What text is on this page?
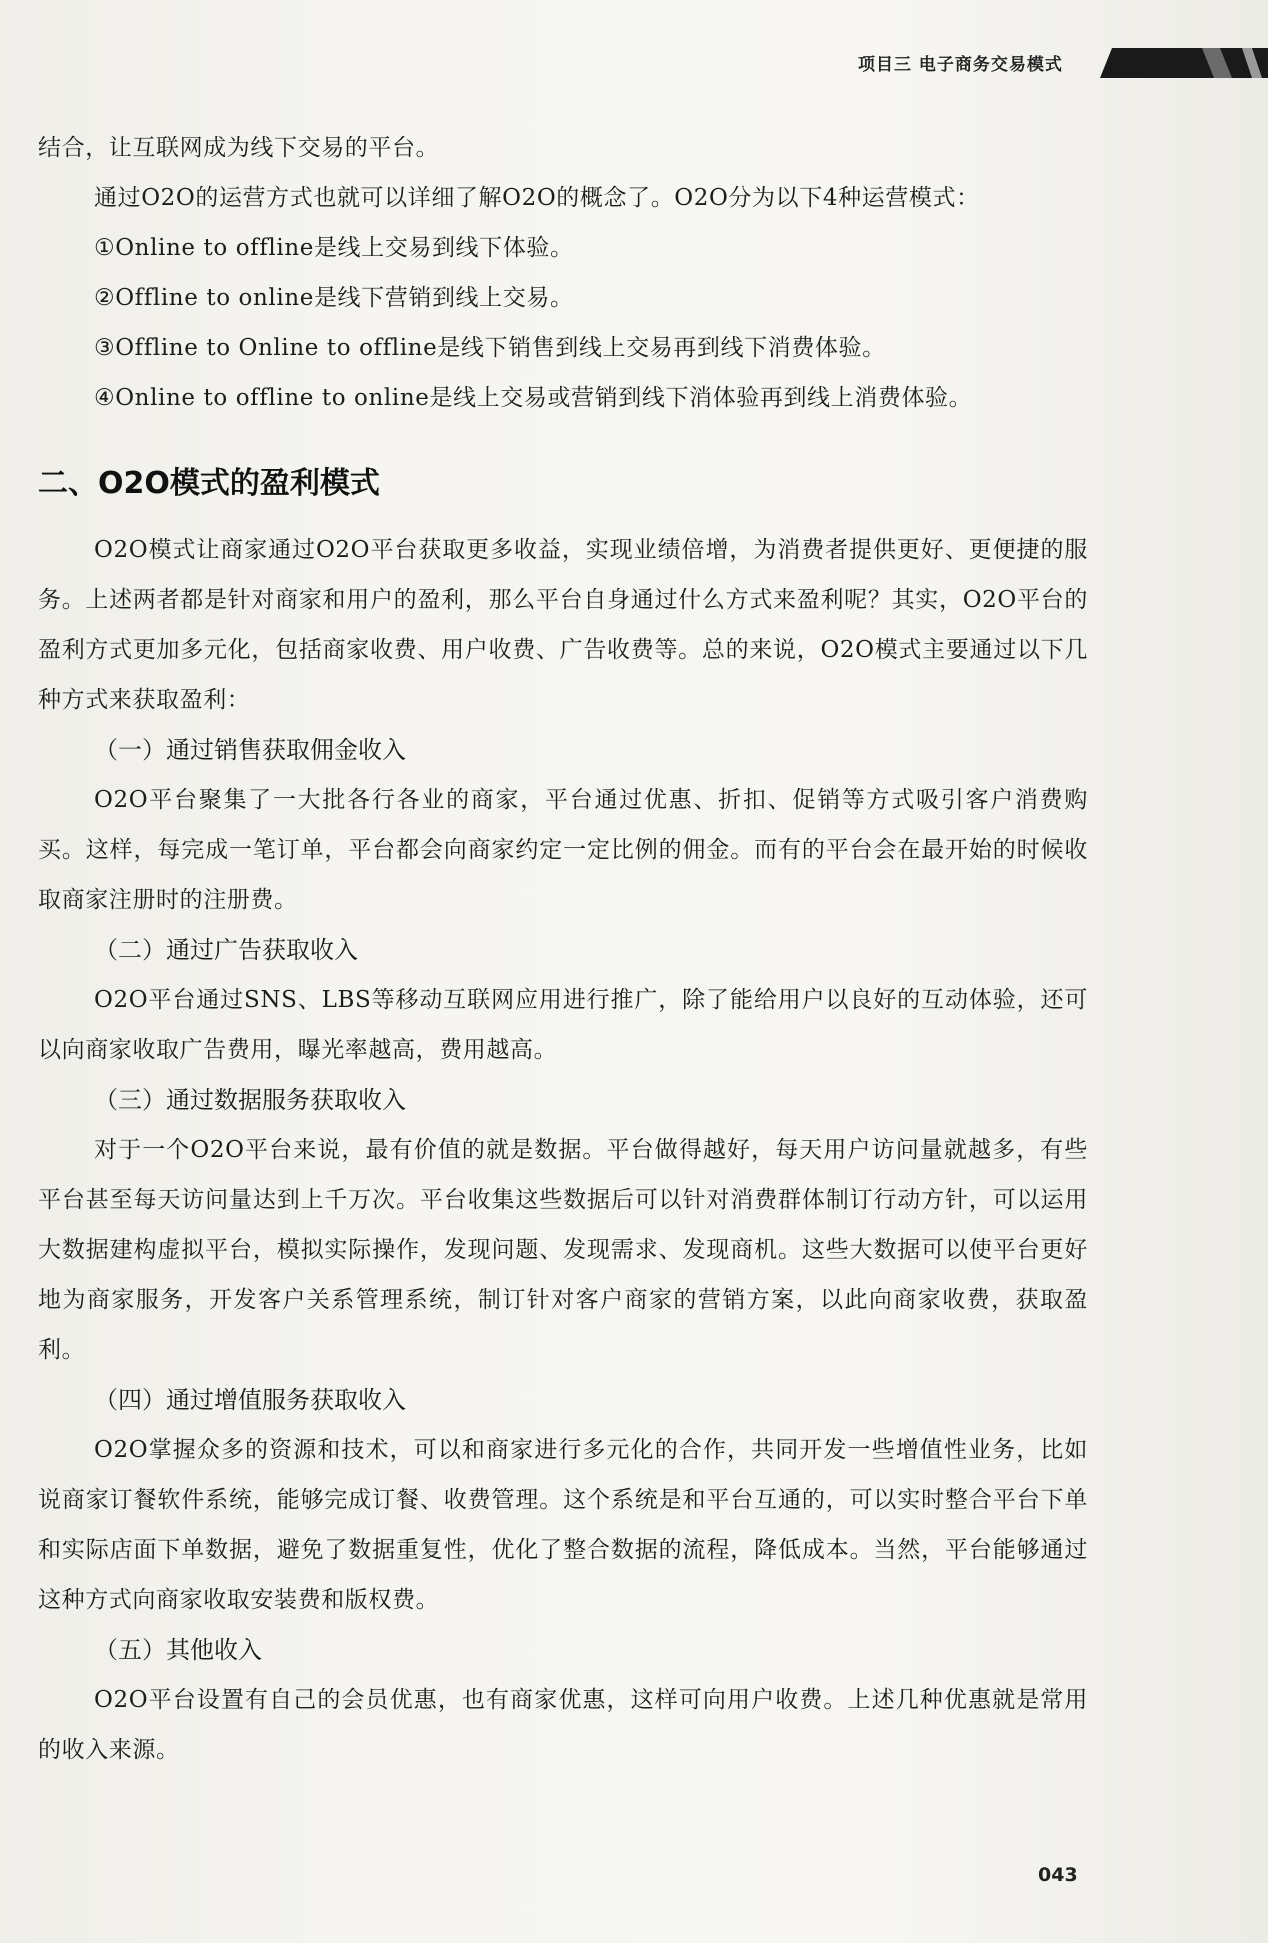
项目三 电子商务交易模式

结合，让互联网成为线下交易的平台。

通过O2O的运营方式也就可以详细了解O2O的概念了。O2O分为以下4种运营模式：

①Online to offline是线上交易到线下体验。

②Offline to online是线下营销到线上交易。

③Offline to Online to offline是线下销售到线上交易再到线下消费体验。

④Online to offline to online是线上交易或营销到线下消体验再到线上消费体验。

二、O2O模式的盈利模式

O2O模式让商家通过O2O平台获取更多收益，实现业绩倍增，为消费者提供更好、更便捷的服务。上述两者都是针对商家和用户的盈利，那么平台自身通过什么方式来盈利呢？其实，O2O平台的盈利方式更加多元化，包括商家收费、用户收费、广告收费等。总的来说，O2O模式主要通过以下几种方式来获取盈利：

（一）通过销售获取佣金收入

O2O平台聚集了一大批各行各业的商家，平台通过优惠、折扣、促销等方式吸引客户消费购买。这样，每完成一笔订单，平台都会向商家约定一定比例的佣金。而有的平台会在最开始的时候收取商家注册时的注册费。

（二）通过广告获取收入

O2O平台通过SNS、LBS等移动互联网应用进行推广，除了能给用户以良好的互动体验，还可以向商家收取广告费用，曝光率越高，费用越高。

（三）通过数据服务获取收入

对于一个O2O平台来说，最有价值的就是数据。平台做得越好，每天用户访问量就越多，有些平台甚至每天访问量达到上千万次。平台收集这些数据后可以针对消费群体制订行动方针，可以运用大数据建构虚拟平台，模拟实际操作，发现问题、发现需求、发现商机。这些大数据可以使平台更好地为商家服务，开发客户关系管理系统，制订针对客户商家的营销方案，以此向商家收费，获取盈利。

（四）通过增值服务获取收入

O2O掌握众多的资源和技术，可以和商家进行多元化的合作，共同开发一些增值性业务，比如说商家订餐软件系统，能够完成订餐、收费管理。这个系统是和平台互通的，可以实时整合平台下单和实际店面下单数据，避免了数据重复性，优化了整合数据的流程，降低成本。当然，平台能够通过这种方式向商家收取安装费和版权费。

（五）其他收入

O2O平台设置有自己的会员优惠，也有商家优惠，这样可向用户收费。上述几种优惠就是常用的收入来源。

043
